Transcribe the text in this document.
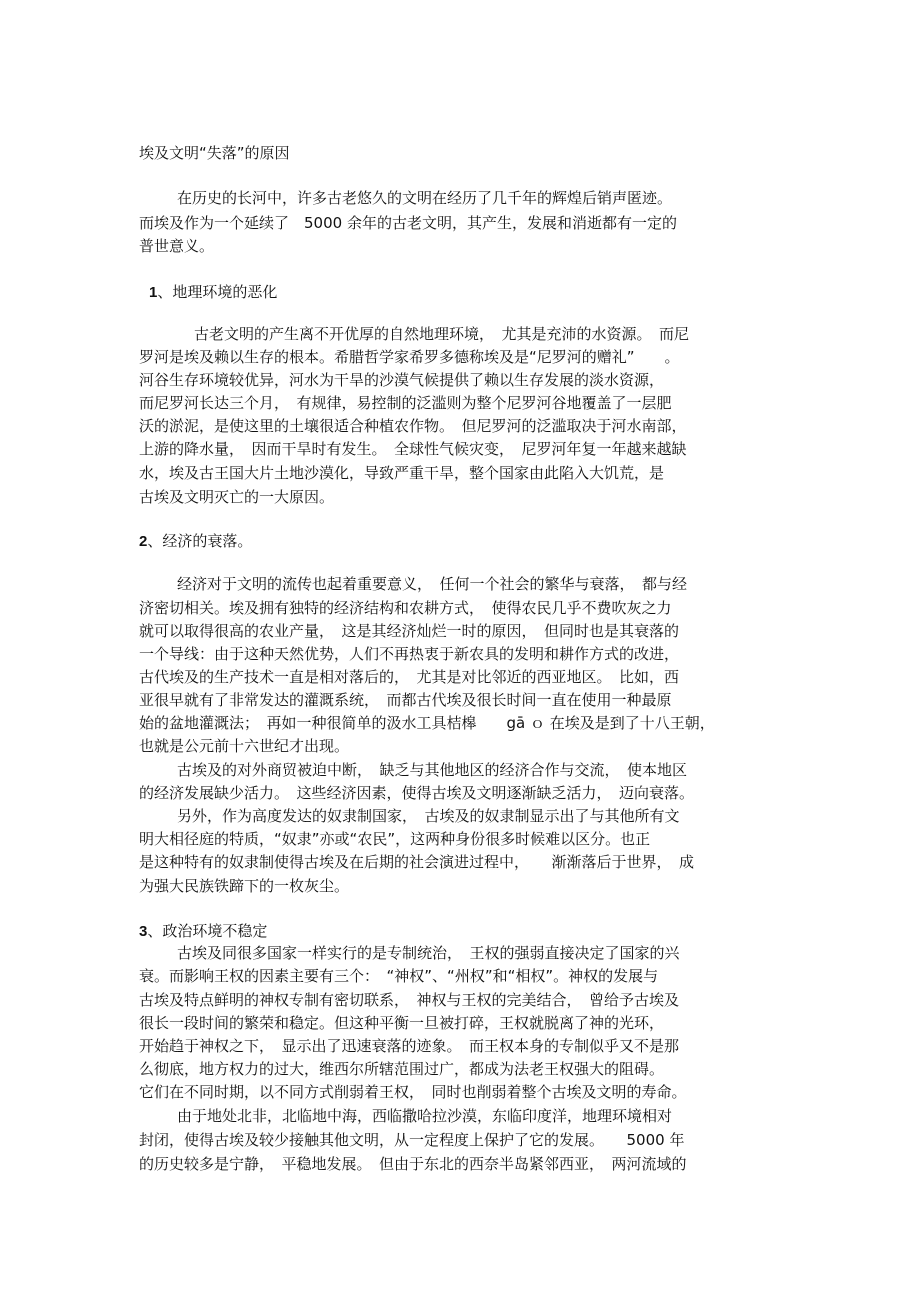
埃及文明“失落”的原因

在历史的长河中，许多古老悠久的文明在经历了几千年的辉煌后销声匿迹。

而埃及作为一个延续了　5000 余年的古老文明，其产生，发展和消逝都有一定的

普世意义。

1、地理环境的恶化

古老文明的产生离不开优厚的自然地理环境，　尤其是充沛的水资源。　而尼

罗河是埃及赖以生存的根本。希腊哲学家希罗多德称埃及是“尼罗河的赠礼”　　。

河谷生存环境较优异，河水为干旱的沙漠气候提供了赖以生存发展的淡水资源，

而尼罗河长达三个月，　有规律，易控制的泛滥则为整个尼罗河谷地覆盖了一层肥

沃的淤泥，是使这里的土壤很适合种植农作物。　但尼罗河的泛滥取决于河水南部，

上游的降水量，　因而干旱时有发生。　全球性气候灾变，　尼罗河年复一年越来越缺

水，埃及古王国大片土地沙漠化，导致严重干旱，整个国家由此陷入大饥荒，是

古埃及文明灭亡的一大原因。

2、经济的衰落。

经济对于文明的流传也起着重要意义，　任何一个社会的繁华与衰落，　都与经

济密切相关。埃及拥有独特的经济结构和农耕方式，　使得农民几乎不费吹灰之力

就可以取得很高的农业产量，　这是其经济灿烂一时的原因，　但同时也是其衰落的

一个导线：由于这种天然优势，人们不再热衷于新农具的发明和耕作方式的改进，

古代埃及的生产技术一直是相对落后的，　尤其是对比邻近的西亚地区。　比如，西

亚很早就有了非常发达的灌溉系统，　而都古代埃及很长时间一直在使用一种最原

始的盆地灌溉法；　再如一种很简单的汲水工具桔槔　　gā ｏ 在埃及是到了十八王朝，

也就是公元前十六世纪才出现。

古埃及的对外商贸被迫中断，　缺乏与其他地区的经济合作与交流，　使本地区

的经济发展缺少活力。　这些经济因素，使得古埃及文明逐渐缺乏活力，　迈向衰落。

另外，作为高度发达的奴隶制国家，　古埃及的奴隶制显示出了与其他所有文

明大相径庭的特质，“奴隶”亦或“农民”，这两种身份很多时候难以区分。也正

是这种特有的奴隶制使得古埃及在后期的社会演进过程中，　　渐渐落后于世界，　成

为强大民族铁蹄下的一枚灰尘。

3、政治环境不稳定

古埃及同很多国家一样实行的是专制统治，　王权的强弱直接决定了国家的兴

衰。而影响王权的因素主要有三个：　“神权”、“州权”和“相权”。神权的发展与

古埃及特点鲜明的神权专制有密切联系，　神权与王权的完美结合，　曾给予古埃及

很长一段时间的繁荣和稳定。但这种平衡一旦被打碎，王权就脱离了神的光环，

开始趋于神权之下，　显示出了迅速衰落的迹象。　而王权本身的专制似乎又不是那

么彻底，地方权力的过大，维西尔所辖范围过广，都成为法老王权强大的阻碍。

它们在不同时期，以不同方式削弱着王权，　同时也削弱着整个古埃及文明的寿命。

由于地处北非，北临地中海，西临撒哈拉沙漠，东临印度洋，地理环境相对

封闭，使得古埃及较少接触其他文明，从一定程度上保护了它的发展。　　5000 年

的历史较多是宁静，　平稳地发展。　但由于东北的西奈半岛紧邻西亚，　两河流域的
